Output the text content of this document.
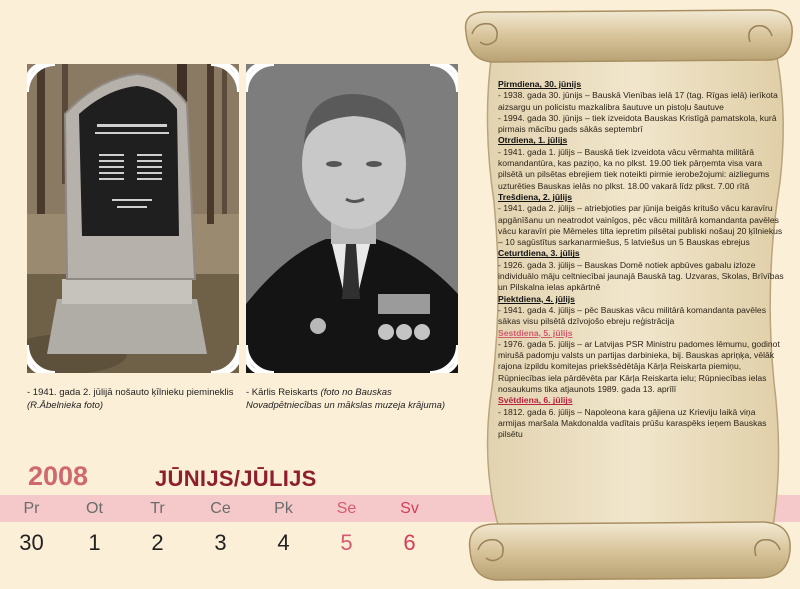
- 1941. gada 2. jūlijā nošauto ķīlnieku piemineklis (R.Ābelnieka foto)
- Kārlis Reiskarts (foto no Bauskas Novadpētniecības un mākslas muzeja krājuma)
2008	JŪNIJS/JŪLIJS
Pr	Ot	Tr	Ce	Pk	Se	Sv
30	1	2	3	4	5	6
Pirmdiena, 30. jūnijs

- 1938. gada 30. jūnijs – Bauskā Vienības ielā 17 (tag. Rīgas ielā) ierīkota aizsargu un policistu mazkalibra šautuve un pistoļu šautuve

- 1994. gada 30. jūnijs – tiek izveidota Bauskas Kristīgā pamatskola, kurā pirmais mācību gads sākās septembrī

Otrdiena, 1. jūlijs

- 1941. gada 1. jūlijs – Bauskā tiek izveidota vācu vērmahta militārā komandantūra, kas paziņo, ka no plkst. 19.00 tiek pārņemta visa vara pilsētā un pilsētas ebrejiem tiek noteikti pirmie ierobežojumi: aizliegums uzturēties Bauskas ielās no plkst. 18.00 vakarā līdz plkst. 7.00 rītā

Trešdiena, 2. jūlijs

- 1941. gada 2. jūlijs – atriebjoties par jūnija beigās kritušo vācu karavīru apgānīšanu un neatrodot vainīgos, pēc vācu militārā komandanta pavēles vācu karavīri pie Mēmeles tilta iepretim pilsētai publiski nošauj 20 ķīlniekus – 10 sagūstītus sarkanarmiešus, 5 latviešus un 5 Bauskas ebrejus

Ceturtdiena, 3. jūlijs

- 1926. gada 3. jūlijs – Bauskas Domē notiek apbūves gabalu izloze individuālo māju celtniecībai jaunajā Bauskā tag. Uzvaras, Skolas, Brīvības un Pilskalna ielas apkārtnē

Piektdiena, 4. jūlijs

- 1941. gada 4. jūlijs – pēc Bauskas vācu militārā komandanta pavēles sākas visu pilsētā dzīvojošo ebreju reģistrācija

Sestdiena, 5. jūlijs

- 1976. gada 5. jūlijs – ar Latvijas PSR Ministru padomes lēmumu, godinot mirušā padomju valsts un partijas darbinieka, bij. Bauskas apriņķa, vēlāk rajona izpildu komitejas priekšsēdētāja Kārļa Reiskarta piemiņu, Rūpniecības iela pārdēvēta par Kārļa Reiskarta ielu; Rūpniecības ielas nosaukums tika atjaunots 1989. gada 13. aprīlī

Svētdiena, 6. jūlijs

- 1812. gada 6. jūlijs – Napoleona kara gājiena uz Krieviju laikā viņa armijas maršala Makdonalda vadītais prūšu karaspēks ieņem Bauskas pilsētu
